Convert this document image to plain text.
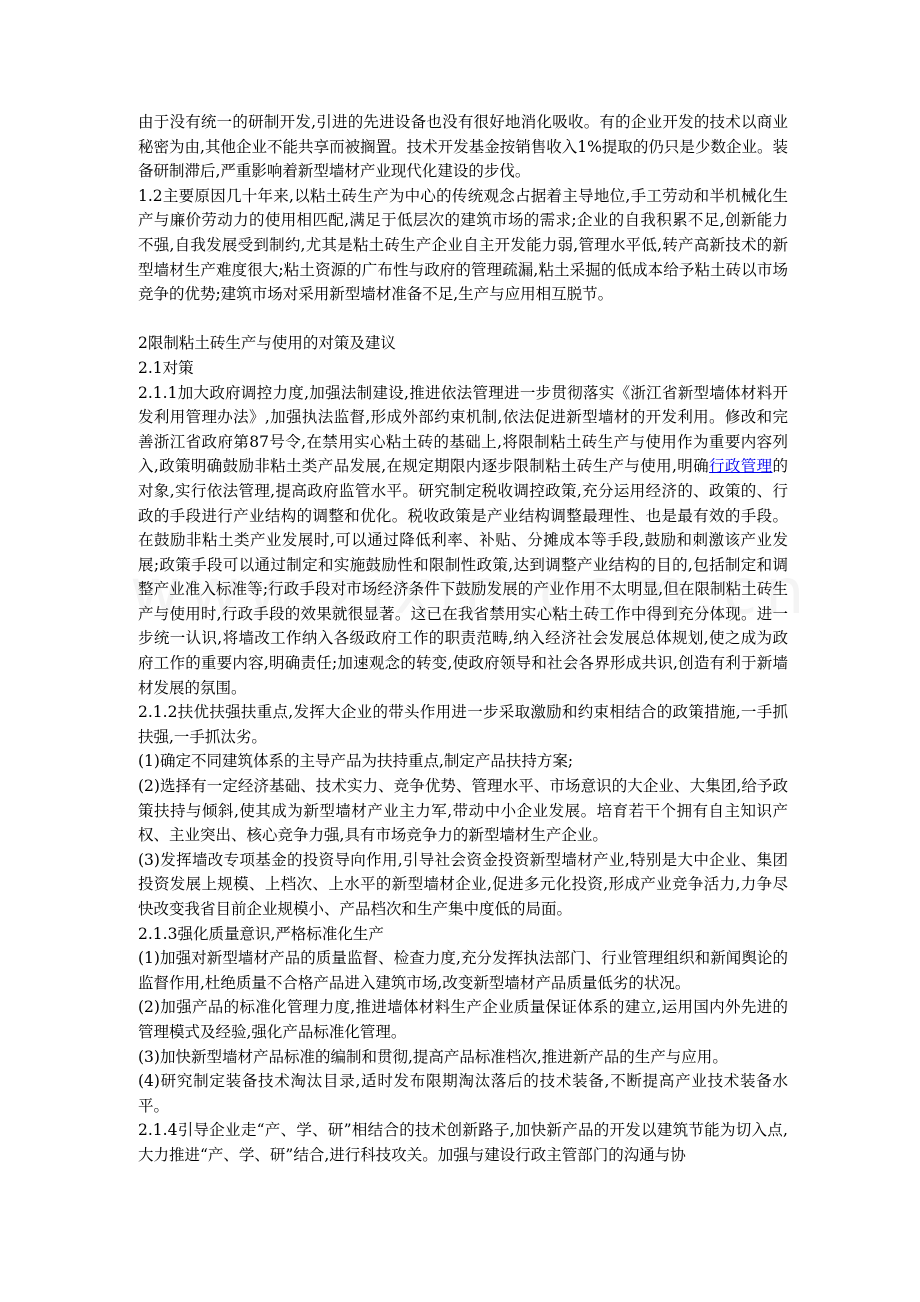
由于没有统一的研制开发,引进的先进设备也没有很好地消化吸收。有的企业开发的技术以商业秘密为由,其他企业不能共享而被搁置。技术开发基金按销售收入1%提取的仍只是少数企业。装备研制滞后,严重影响着新型墙材产业现代化建设的步伐。

1.2主要原因几十年来,以粘土砖生产为中心的传统观念占据着主导地位,手工劳动和半机械化生产与廉价劳动力的使用相匹配,满足于低层次的建筑市场的需求;企业的自我积累不足,创新能力不强,自我发展受到制约,尤其是粘土砖生产企业自主开发能力弱,管理水平低,转产高新技术的新型墙材生产难度很大;粘土资源的广布性与政府的管理疏漏,粘土采掘的低成本给予粘土砖以市场竞争的优势;建筑市场对采用新型墙材准备不足,生产与应用相互脱节。

2限制粘土砖生产与使用的对策及建议

2.1对策

2.1.1加大政府调控力度,加强法制建设,推进依法管理进一步贯彻落实《浙江省新型墙体材料开发利用管理办法》,加强执法监督,形成外部约束机制,依法促进新型墙材的开发利用。修改和完善浙江省政府第87号令,在禁用实心粘土砖的基础上,将限制粘土砖生产与使用作为重要内容列入,政策明确鼓励非粘土类产品发展,在规定期限内逐步限制粘土砖生产与使用,明确行政管理的对象,实行依法管理,提高政府监管水平。研究制定税收调控政策,充分运用经济的、政策的、行政的手段进行产业结构的调整和优化。税收政策是产业结构调整最理性、也是最有效的手段。在鼓励非粘土类产业发展时,可以通过降低利率、补贴、分摊成本等手段,鼓励和刺激该产业发展;政策手段可以通过制定和实施鼓励性和限制性政策,达到调整产业结构的目的,包括制定和调整产业准入标准等;行政手段对市场经济条件下鼓励发展的产业作用不太明显,但在限制粘土砖生产与使用时,行政手段的效果就很显著。这已在我省禁用实心粘土砖工作中得到充分体现。进一步统一认识,将墙改工作纳入各级政府工作的职责范畴,纳入经济社会发展总体规划,使之成为政府工作的重要内容,明确责任;加速观念的转变,使政府领导和社会各界形成共识,创造有利于新墙材发展的氛围。

2.1.2扶优扶强扶重点,发挥大企业的带头作用进一步采取激励和约束相结合的政策措施,一手抓扶强,一手抓汰劣。

(1)确定不同建筑体系的主导产品为扶持重点,制定产品扶持方案;

(2)选择有一定经济基础、技术实力、竞争优势、管理水平、市场意识的大企业、大集团,给予政策扶持与倾斜,使其成为新型墙材产业主力军,带动中小企业发展。培育若干个拥有自主知识产权、主业突出、核心竞争力强,具有市场竞争力的新型墙材生产企业。

(3)发挥墙改专项基金的投资导向作用,引导社会资金投资新型墙材产业,特别是大中企业、集团投资发展上规模、上档次、上水平的新型墙材企业,促进多元化投资,形成产业竞争活力,力争尽快改变我省目前企业规模小、产品档次和生产集中度低的局面。

2.1.3强化质量意识,严格标准化生产

(1)加强对新型墙材产品的质量监督、检查力度,充分发挥执法部门、行业管理组织和新闻舆论的监督作用,杜绝质量不合格产品进入建筑市场,改变新型墙材产品质量低劣的状况。

(2)加强产品的标准化管理力度,推进墙体材料生产企业质量保证体系的建立,运用国内外先进的管理模式及经验,强化产品标准化管理。

(3)加快新型墙材产品标准的编制和贯彻,提高产品标准档次,推进新产品的生产与应用。

(4)研究制定装备技术淘汰目录,适时发布限期淘汰落后的技术装备,不断提高产业技术装备水平。

2.1.4引导企业走“产、学、研”相结合的技术创新路子,加快新产品的开发以建筑节能为切入点,大力推进“产、学、研”结合,进行科技攻关。加强与建设行政主管部门的沟通与协
